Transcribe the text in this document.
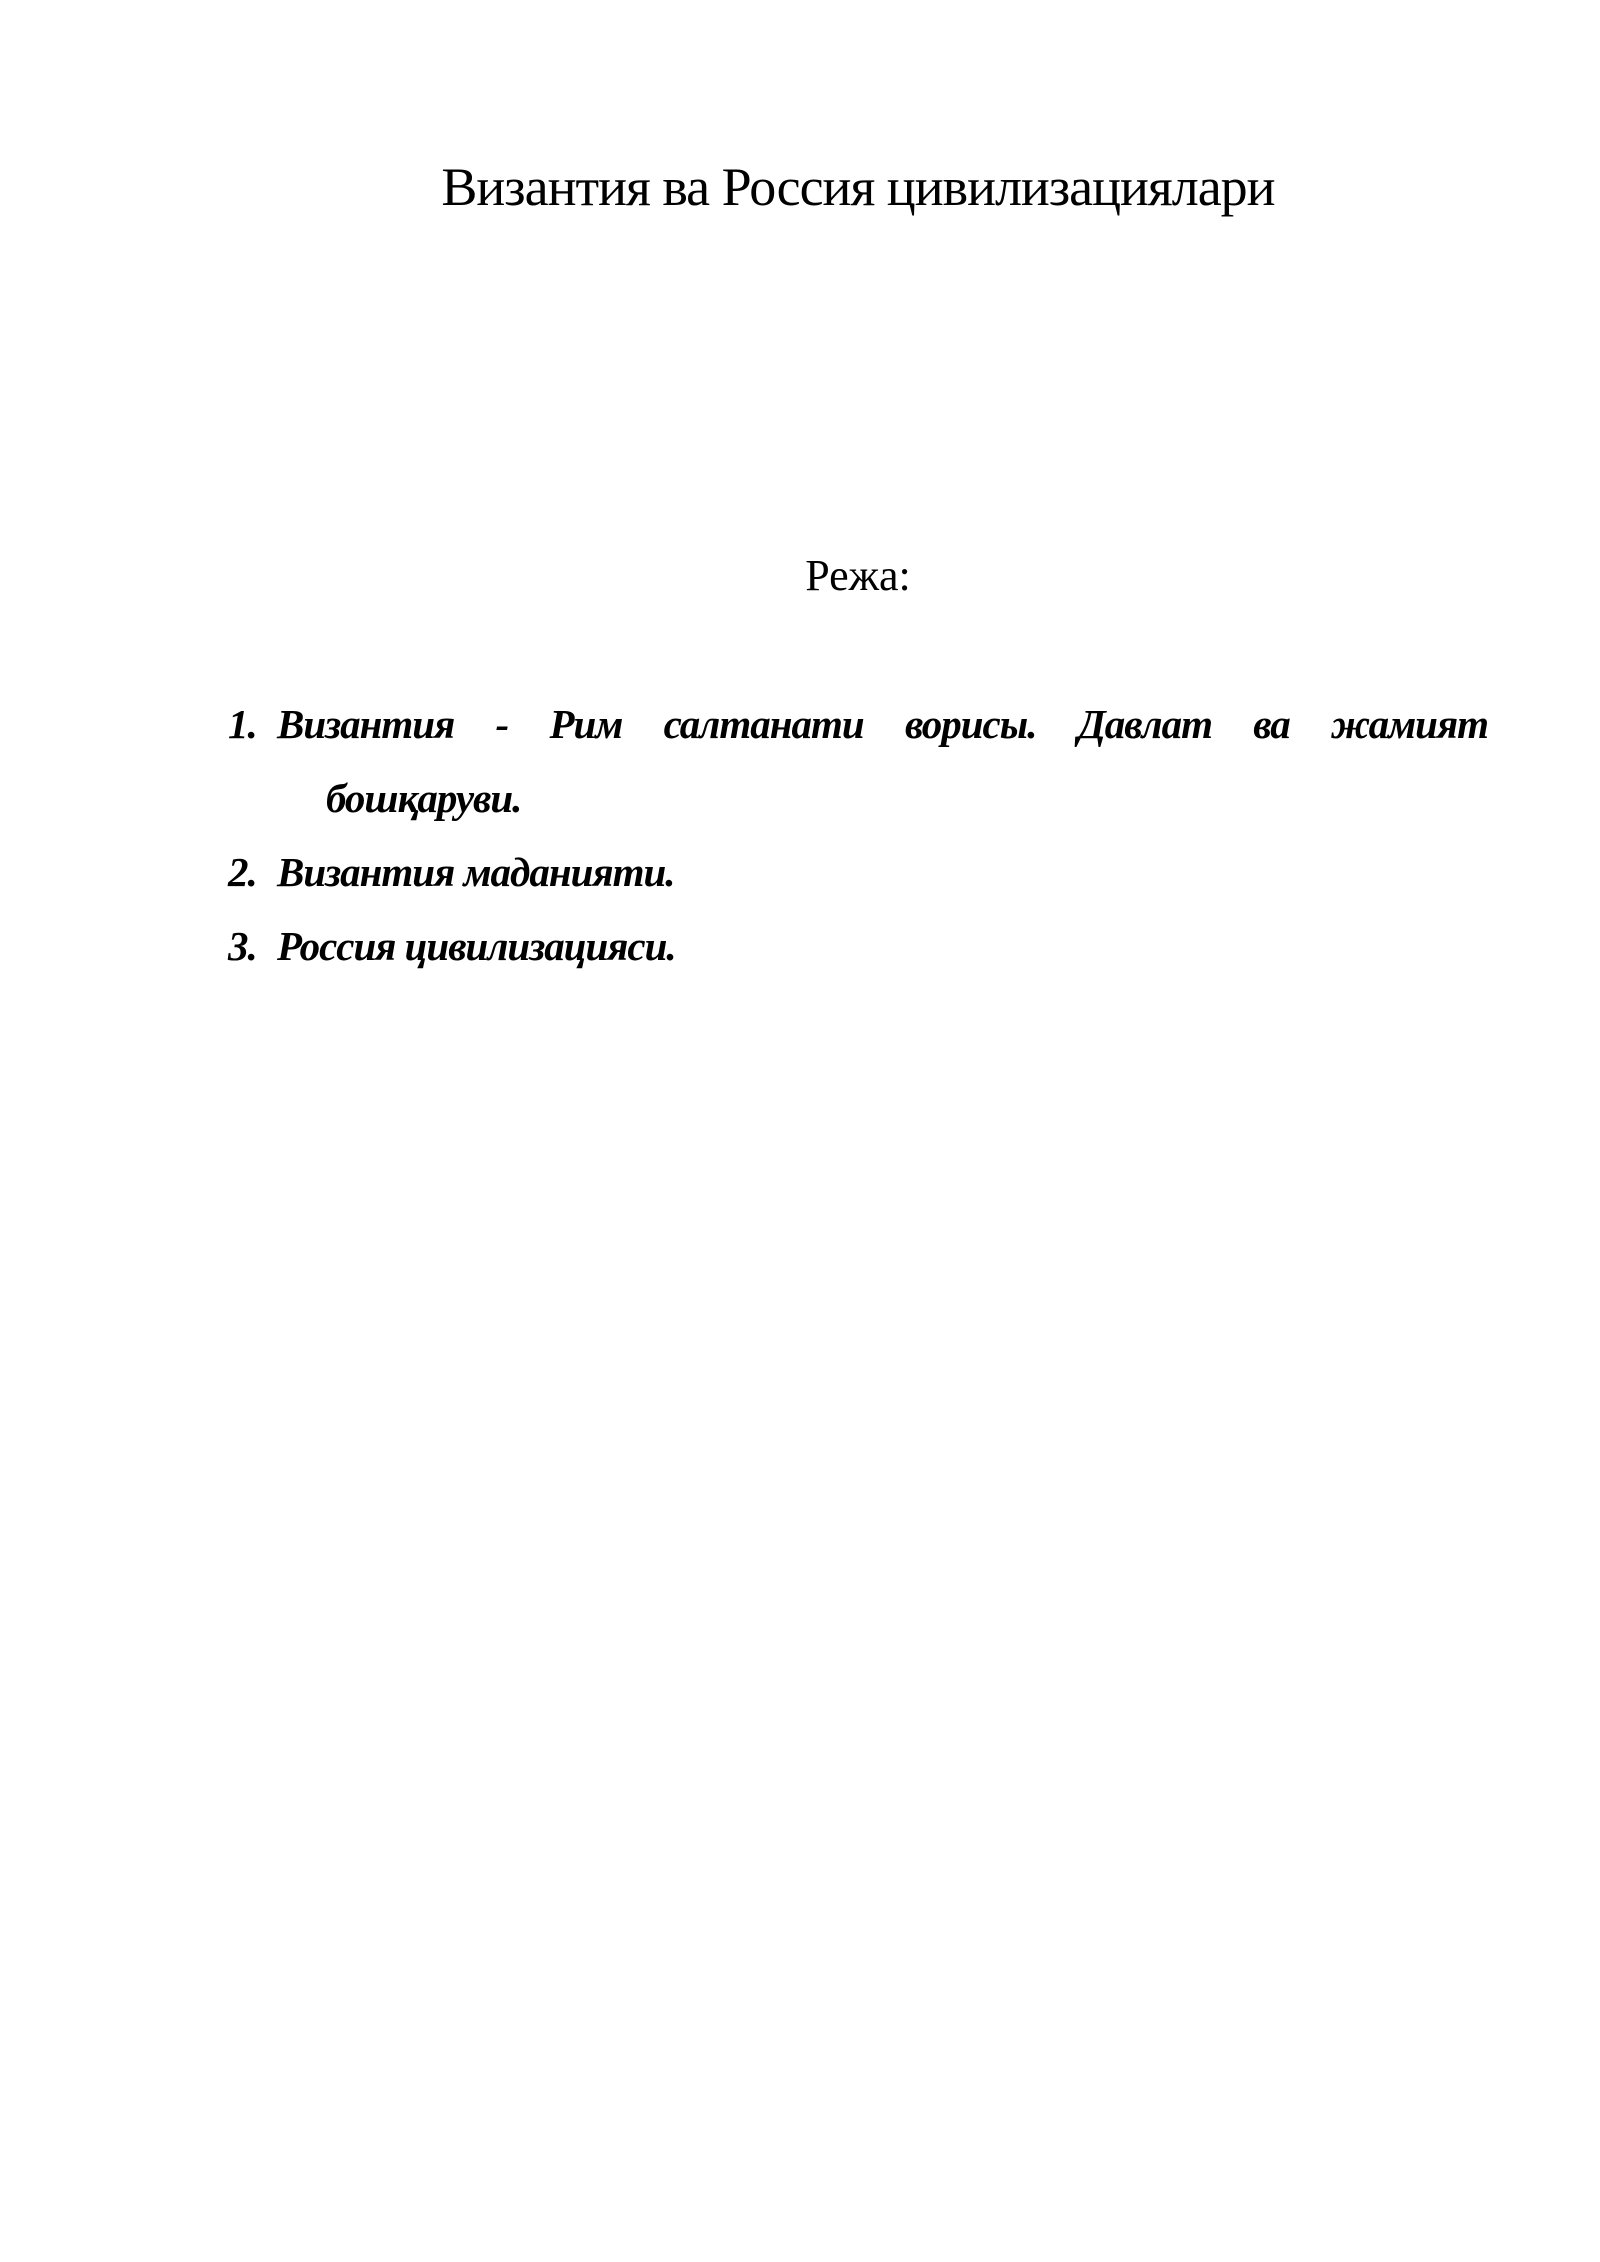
Византия ва Россия цивилизациялари
Режа:
1. Византия - Рим салтанати ворисы. Давлат ва жамият
бошқаруви.
2. Византия маданияти.
3. Россия цивилизацияси.
